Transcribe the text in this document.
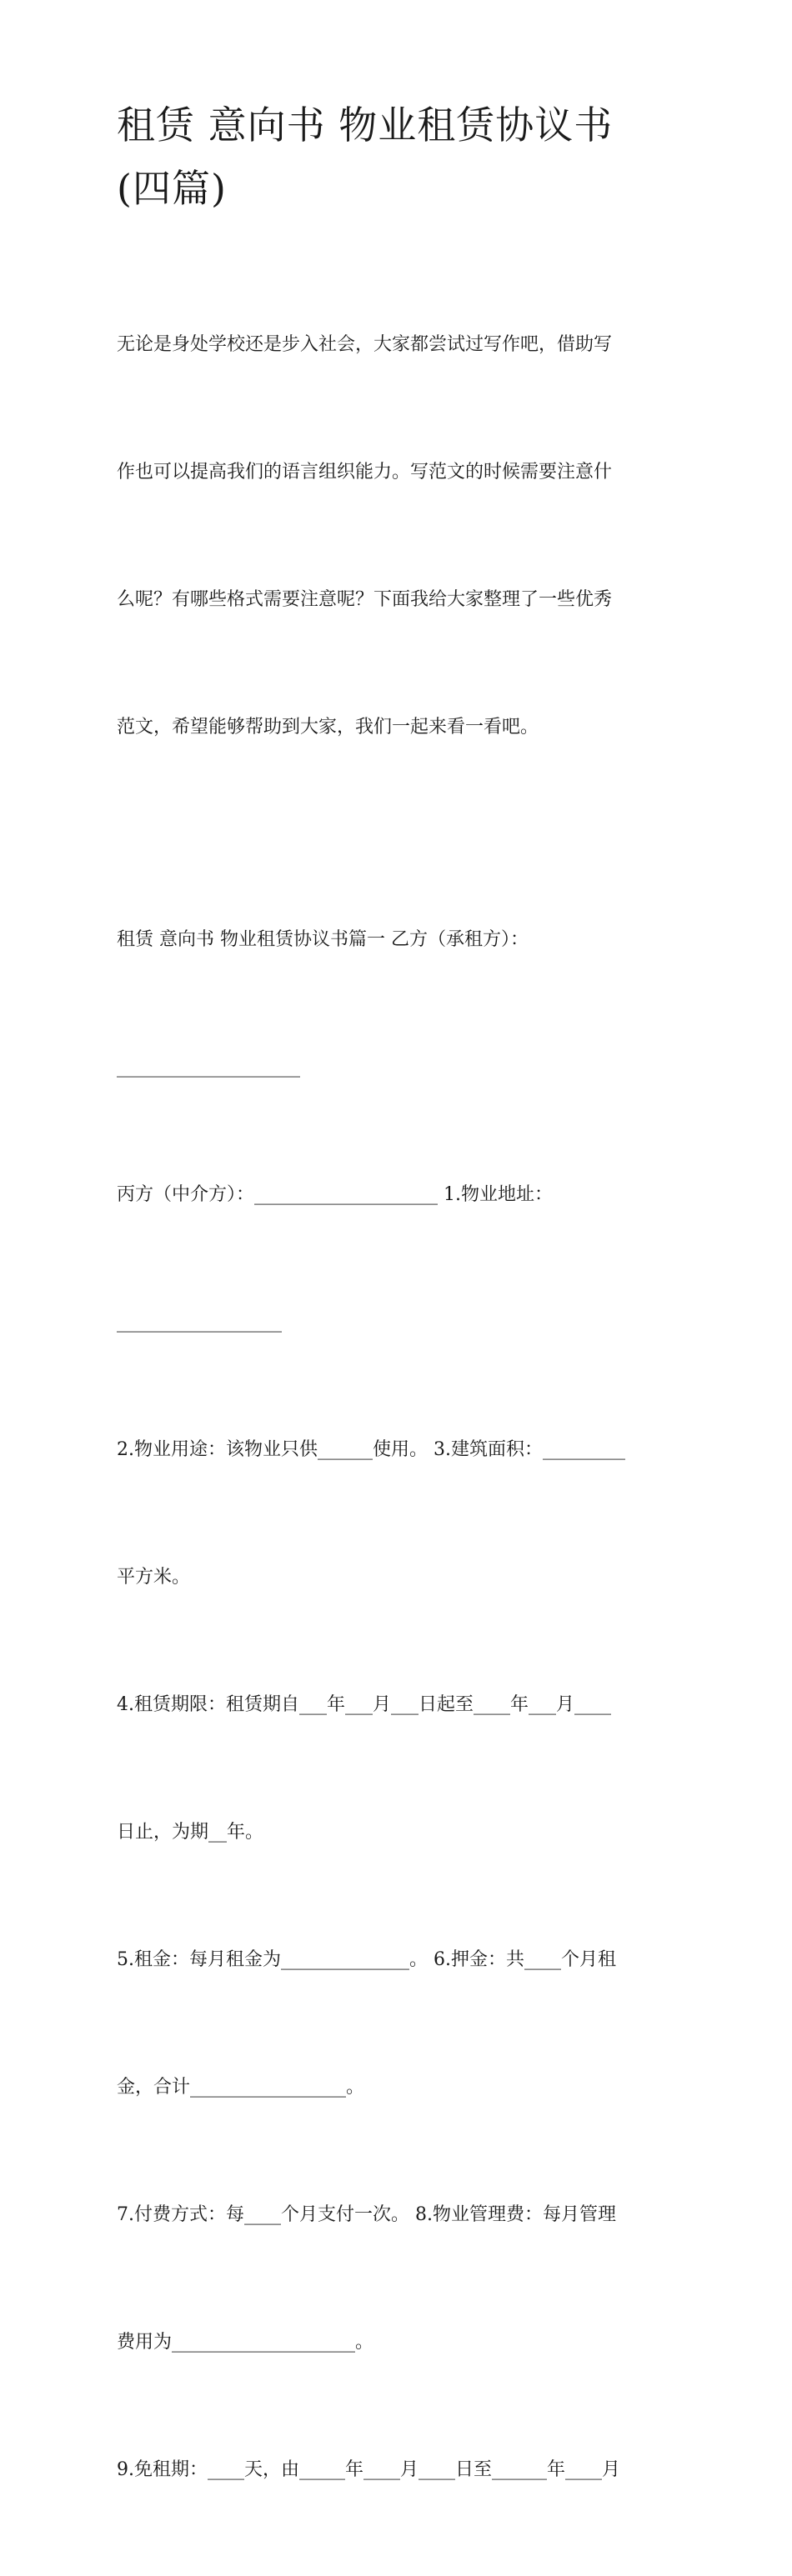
租赁 意向书 物业租赁协议书
(四篇)

无论是身处学校还是步入社会，大家都尝试过写作吧，借助写

作也可以提高我们的语言组织能力。写范文的时候需要注意什

么呢？有哪些格式需要注意呢？下面我给大家整理了一些优秀

范文，希望能够帮助到大家，我们一起来看一看吧。

租赁 意向书 物业租赁协议书篇一 乙方（承租方）：

____________________

丙方（中介方）：____________________ 1.物业地址：

__________________

2.物业用途：该物业只供______使用。 3.建筑面积：_________

平方米。

4.租赁期限：租赁期自___年___月___日起至____年___月____

日止，为期__年。

5.租金：每月租金为______________。 6.押金：共____个月租

金，合计_________________。

7.付费方式：每____个月支付一次。 8.物业管理费：每月管理

费用为____________________。

9.免租期：____天，由_____年____月____日至______年____月
